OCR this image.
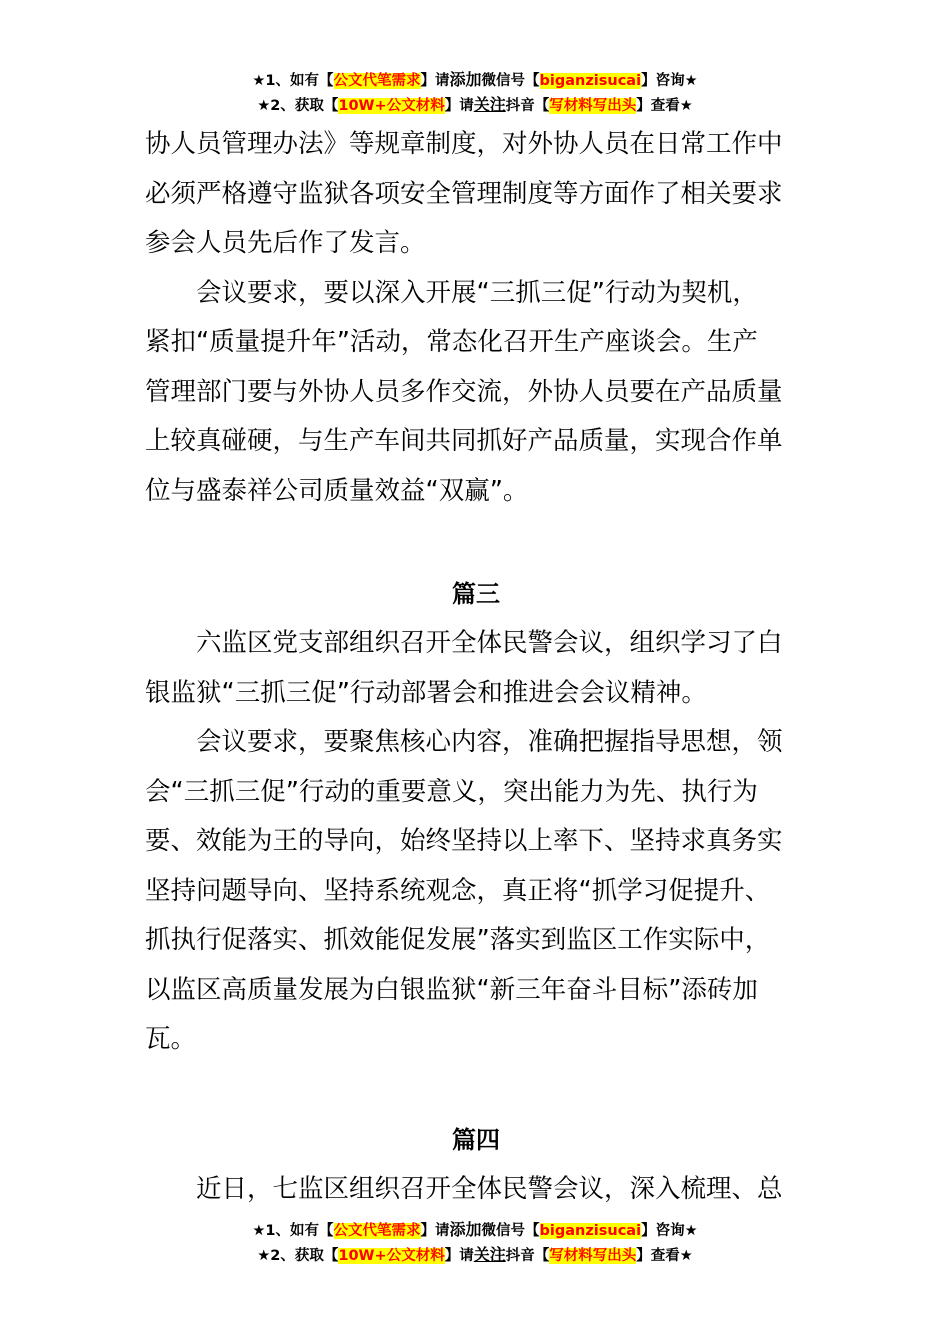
★1、如有【公文代笔需求】请添加微信号【biganzisucai】咨询★
★2、获取【10W+公文材料】请关注抖音【写材料写出头】查看★

协人员管理办法》等规章制度，对外协人员在日常工作中

必须严格遵守监狱各项安全管理制度等方面作了相关要求

参会人员先后作了发言。

会议要求，要以深入开展“三抓三促”行动为契机，

紧扣“质量提升年”活动，常态化召开生产座谈会。生产

管理部门要与外协人员多作交流，外协人员要在产品质量

上较真碰硬，与生产车间共同抓好产品质量，实现合作单

位与盛泰祥公司质量效益“双赢”。

篇三

六监区党支部组织召开全体民警会议，组织学习了白

银监狱“三抓三促”行动部署会和推进会会议精神。

会议要求，要聚焦核心内容，准确把握指导思想，领

会“三抓三促”行动的重要意义，突出能力为先、执行为

要、效能为王的导向，始终坚持以上率下、坚持求真务实

坚持问题导向、坚持系统观念，真正将“抓学习促提升、

抓执行促落实、抓效能促发展”落实到监区工作实际中，

以监区高质量发展为白银监狱“新三年奋斗目标”添砖加

瓦。

篇四

近日，七监区组织召开全体民警会议，深入梳理、总

★1、如有【公文代笔需求】请添加微信号【biganzisucai】咨询★
★2、获取【10W+公文材料】请关注抖音【写材料写出头】查看★
